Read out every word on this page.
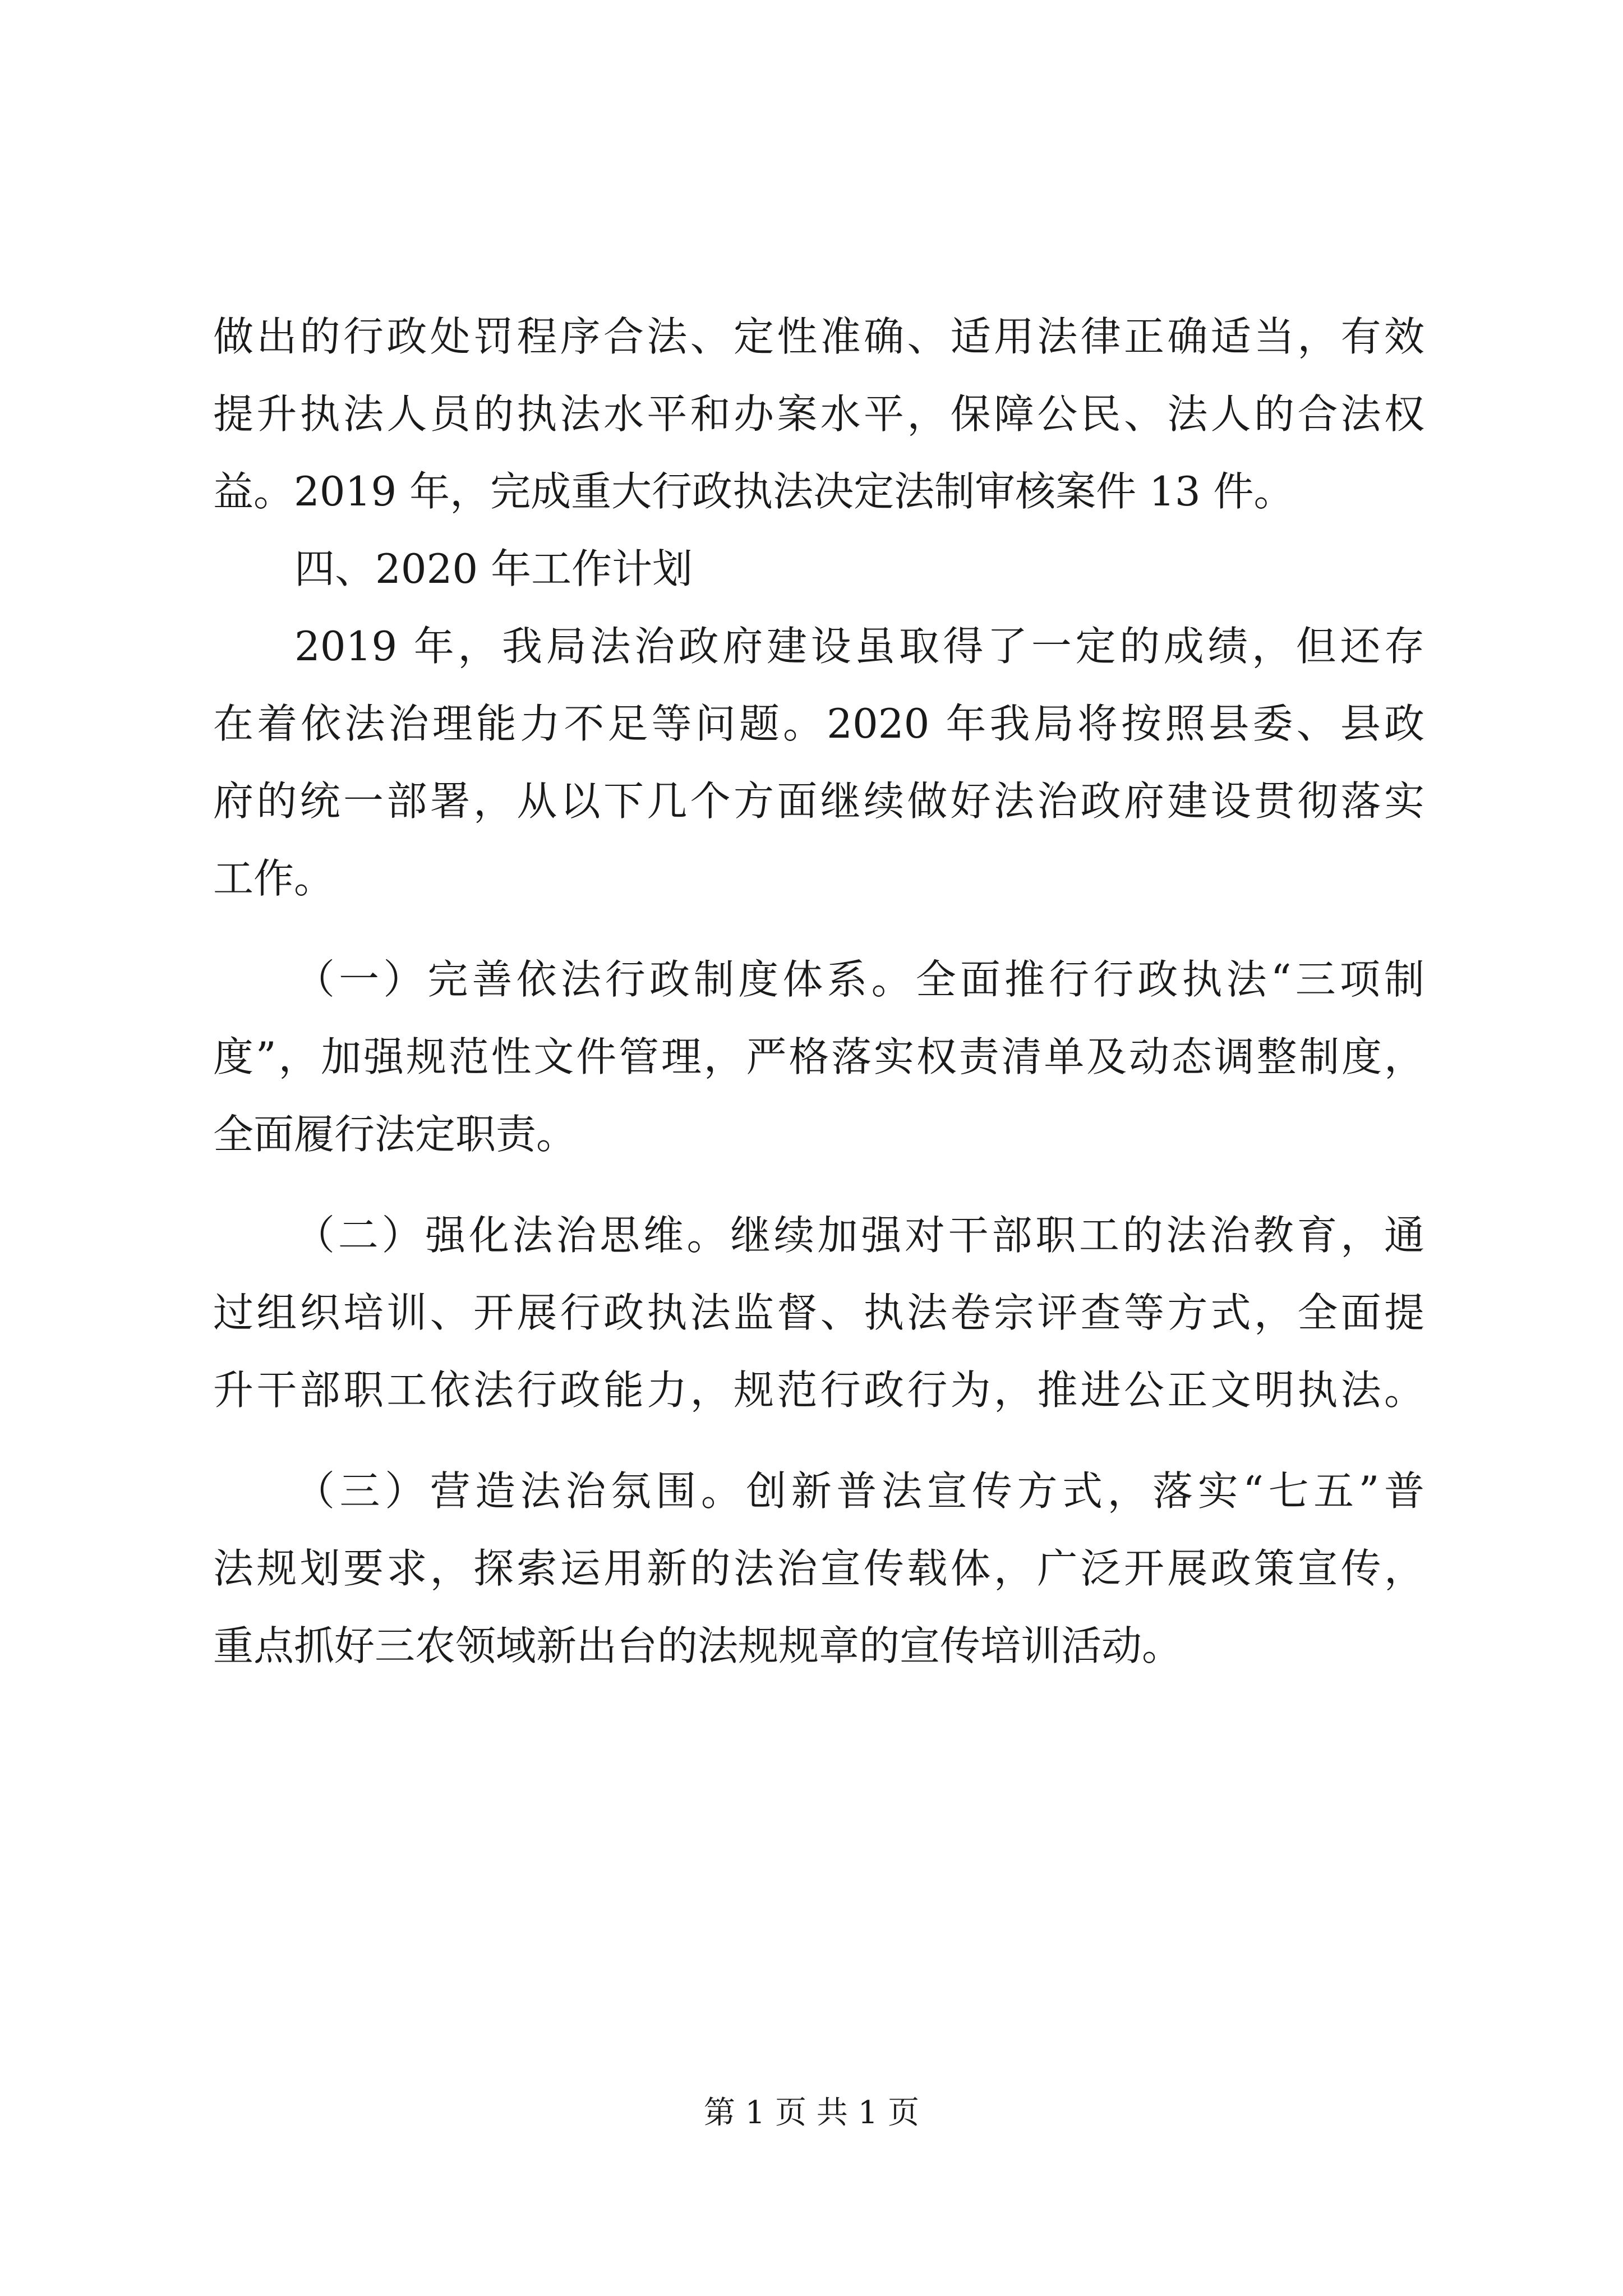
做出的行政处罚程序合法、定性准确、适用法律正确适当，有效

提升执法人员的执法水平和办案水平，保障公民、法人的合法权

益。2019 年，完成重大行政执法决定法制审核案件 13 件。

四、2020 年工作计划

2019 年，我局法治政府建设虽取得了一定的成绩，但还存

在着依法治理能力不足等问题。2020 年我局将按照县委、县政

府的统一部署，从以下几个方面继续做好法治政府建设贯彻落实

工作。

（一）完善依法行政制度体系。全面推行行政执法“三项制

度”，加强规范性文件管理，严格落实权责清单及动态调整制度，

全面履行法定职责。

（二）强化法治思维。继续加强对干部职工的法治教育，通

过组织培训、开展行政执法监督、执法卷宗评查等方式，全面提

升干部职工依法行政能力，规范行政行为，推进公正文明执法。

（三）营造法治氛围。创新普法宣传方式，落实“七五”普

法规划要求，探索运用新的法治宣传载体，广泛开展政策宣传，

重点抓好三农领域新出台的法规规章的宣传培训活动。

第 1 页 共 1 页
